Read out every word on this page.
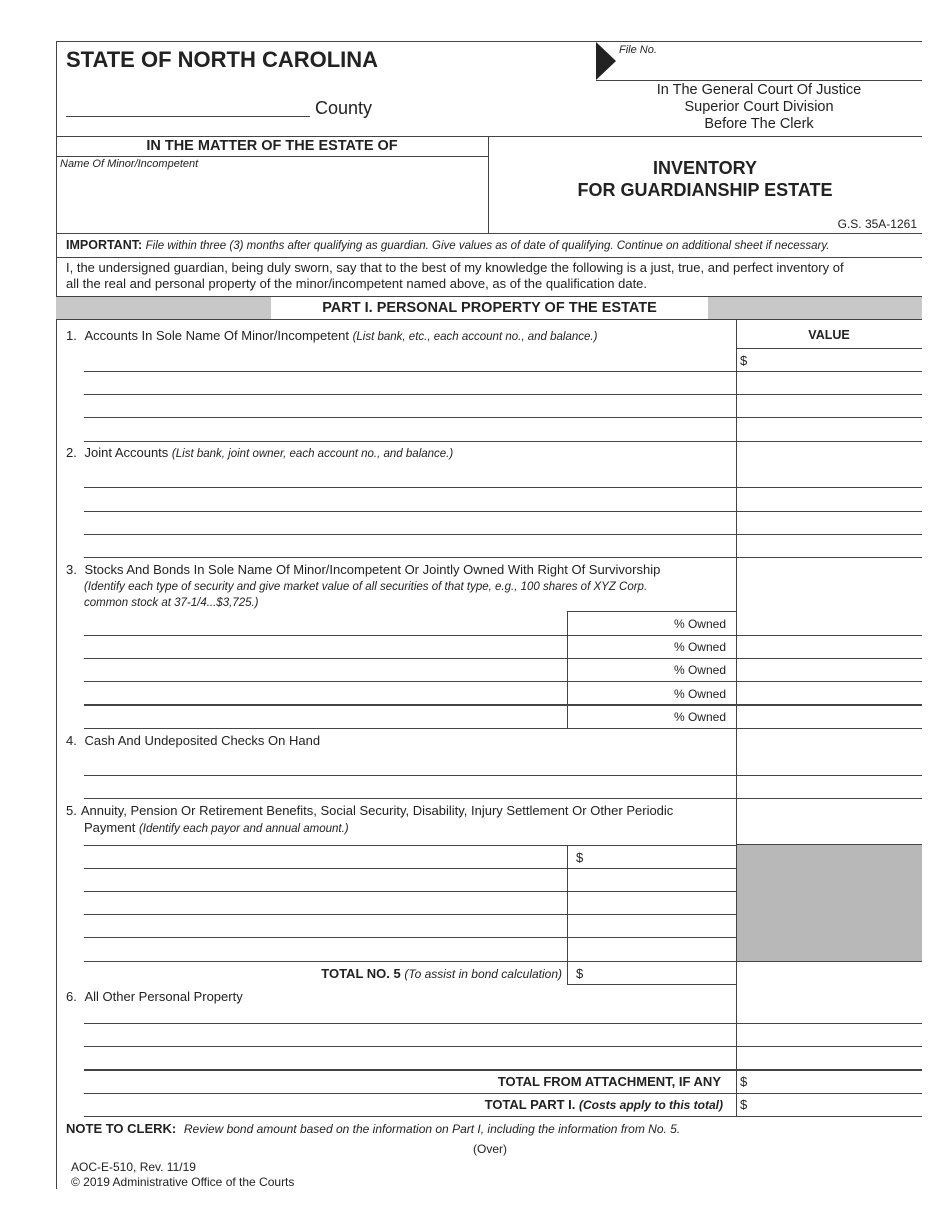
STATE OF NORTH CAROLINA
County
File No.
In The General Court Of Justice
Superior Court Division
Before The Clerk
IN THE MATTER OF THE ESTATE OF
Name Of Minor/Incompetent	INVENTORY
FOR GUARDIANSHIP ESTATE
G.S. 35A-1261
IMPORTANT: File within three (3) months after qualifying as guardian. Give values as of date of qualifying. Continue on additional sheet if necessary.
I, the undersigned guardian, being duly sworn, say that to the best of my knowledge the following is a just, true, and perfect inventory of
all the real and personal property of the minor/incompetent named above, as of the qualification date.
PART I. PERSONAL PROPERTY OF THE ESTATE
VALUE
$
1. Accounts In Sole Name Of Minor/Incompetent (List bank, etc., each account no., and balance.)
2. Joint Accounts (List bank, joint owner, each account no., and balance.)
3. Stocks And Bonds In Sole Name Of Minor/Incompetent Or Jointly Owned With Right Of Survivorship
(Identify each type of security and give market value of all securities of that type, e.g., 100 shares of XYZ Corp.
common stock at 37-1/4...$3,725.)
% Owned
% Owned
% Owned
% Owned
% Owned
4. Cash And Undeposited Checks On Hand
5. Annuity, Pension Or Retirement Benefits, Social Security, Disability, Injury Settlement Or Other Periodic
Payment (Identify each payor and annual amount.)
$
TOTAL NO. 5 (To assist in bond calculation) $
6. All Other Personal Property
TOTAL FROM ATTACHMENT, IF ANY $
TOTAL PART I. (Costs apply to this total) $
NOTE TO CLERK: Review bond amount based on the information on Part I, including the information from No. 5.
(Over)
AOC-E-510, Rev. 11/19
© 2019 Administrative Office of the Courts
